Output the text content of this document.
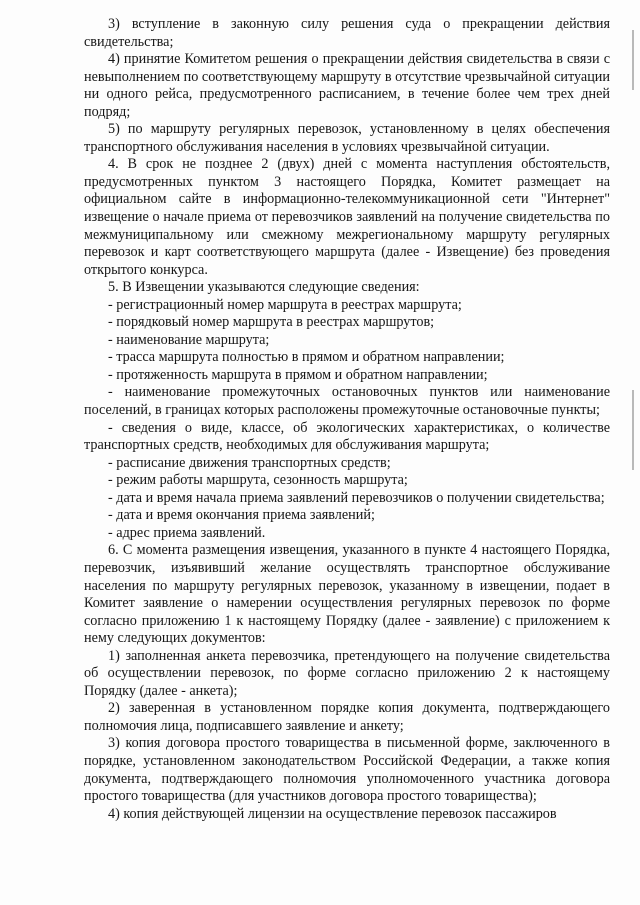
3) вступление в законную силу решения суда о прекращении действия свидетельства;

4) принятие Комитетом решения о прекращении действия свидетельства в связи с невыполнением по соответствующему маршруту в отсутствие чрезвычайной ситуации ни одного рейса, предусмотренного расписанием, в течение более чем трех дней подряд;

5) по маршруту регулярных перевозок, установленному в целях обеспечения транспортного обслуживания населения в условиях чрезвычайной ситуации.

4. В срок не позднее 2 (двух) дней с момента наступления обстоятельств, предусмотренных пунктом 3 настоящего Порядка, Комитет размещает на официальном сайте в информационно-телекоммуникационной сети "Интернет" извещение о начале приема от перевозчиков заявлений на получение свидетельства по межмуниципальному или смежному межрегиональному маршруту регулярных перевозок и карт соответствующего маршрута (далее - Извещение) без проведения открытого конкурса.

5. В Извещении указываются следующие сведения:

- регистрационный номер маршрута в реестрах маршрута;

- порядковый номер маршрута в реестрах маршрутов;

- наименование маршрута;

- трасса маршрута полностью в прямом и обратном направлении;

- протяженность маршрута в прямом и обратном направлении;

- наименование промежуточных остановочных пунктов или наименование поселений, в границах которых расположены промежуточные остановочные пункты;

- сведения о виде, классе, об экологических характеристиках, о количестве транспортных средств, необходимых для обслуживания маршрута;

- расписание движения транспортных средств;

- режим работы маршрута, сезонность маршрута;

- дата и время начала приема заявлений перевозчиков о получении свидетельства;

- дата и время окончания приема заявлений;

- адрес приема заявлений.

6. С момента размещения извещения, указанного в пункте 4 настоящего Порядка, перевозчик, изъявивший желание осуществлять транспортное обслуживание населения по маршруту регулярных перевозок, указанному в извещении, подает в Комитет заявление о намерении осуществления регулярных перевозок по форме согласно приложению 1 к настоящему Порядку (далее - заявление) с приложением к нему следующих документов:

1) заполненная анкета перевозчика, претендующего на получение свидетельства об осуществлении перевозок, по форме согласно приложению 2 к настоящему Порядку (далее - анкета);

2) заверенная в установленном порядке копия документа, подтверждающего полномочия лица, подписавшего заявление и анкету;

3) копия договора простого товарищества в письменной форме, заключенного в порядке, установленном законодательством Российской Федерации, а также копия документа, подтверждающего полномочия уполномоченного участника договора простого товарищества (для участников договора простого товарищества);

4) копия действующей лицензии на осуществление перевозок пассажиров
